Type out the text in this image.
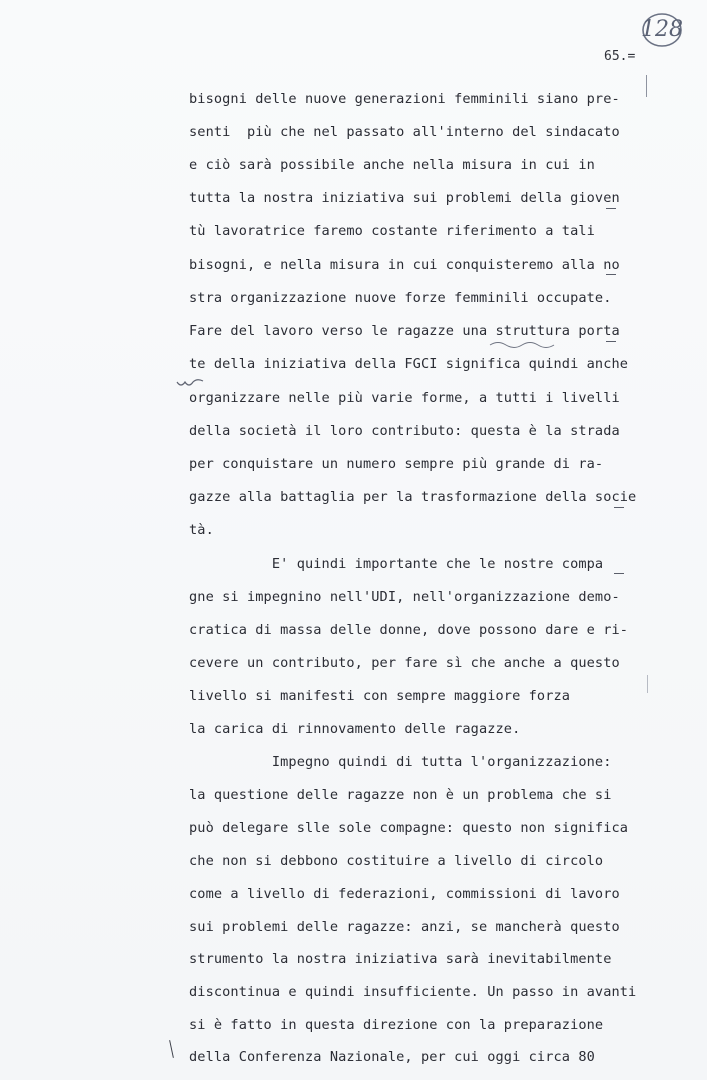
128
65.=
bisogni delle nuove generazioni femminili siano pre-
senti  più che nel passato all'interno del sindacato
e ciò sarà possibile anche nella misura in cui in
tutta la nostra iniziativa sui problemi della gioven
tù lavoratrice faremo costante riferimento a tali
bisogni, e nella misura in cui conquisteremo alla no
stra organizzazione nuove forze femminili occupate.
Fare del lavoro verso le ragazze una struttura porta
te della iniziativa della FGCI significa quindi anche
organizzare nelle più varie forme, a tutti i livelli
della società il loro contributo: questa è la strada
per conquistare un numero sempre più grande di ra-
gazze alla battaglia per la trasformazione della socie
tà.
E' quindi importante che le nostre compa
gne si impegnino nell'UDI, nell'organizzazione demo-
cratica di massa delle donne, dove possono dare e ri-
cevere un contributo, per fare sì che anche a questo
livello si manifesti con sempre maggiore forza
la carica di rinnovamento delle ragazze.
Impegno quindi di tutta l'organizzazione:
la questione delle ragazze non è un problema che si
può delegare slle sole compagne: questo non significa
che non si debbono costituire a livello di circolo
come a livello di federazioni, commissioni di lavoro
sui problemi delle ragazze: anzi, se mancherà questo
strumento la nostra iniziativa sarà inevitabilmente
discontinua e quindi insufficiente. Un passo in avanti
si è fatto in questa direzione con la preparazione
della Conferenza Nazionale, per cui oggi circa 80
